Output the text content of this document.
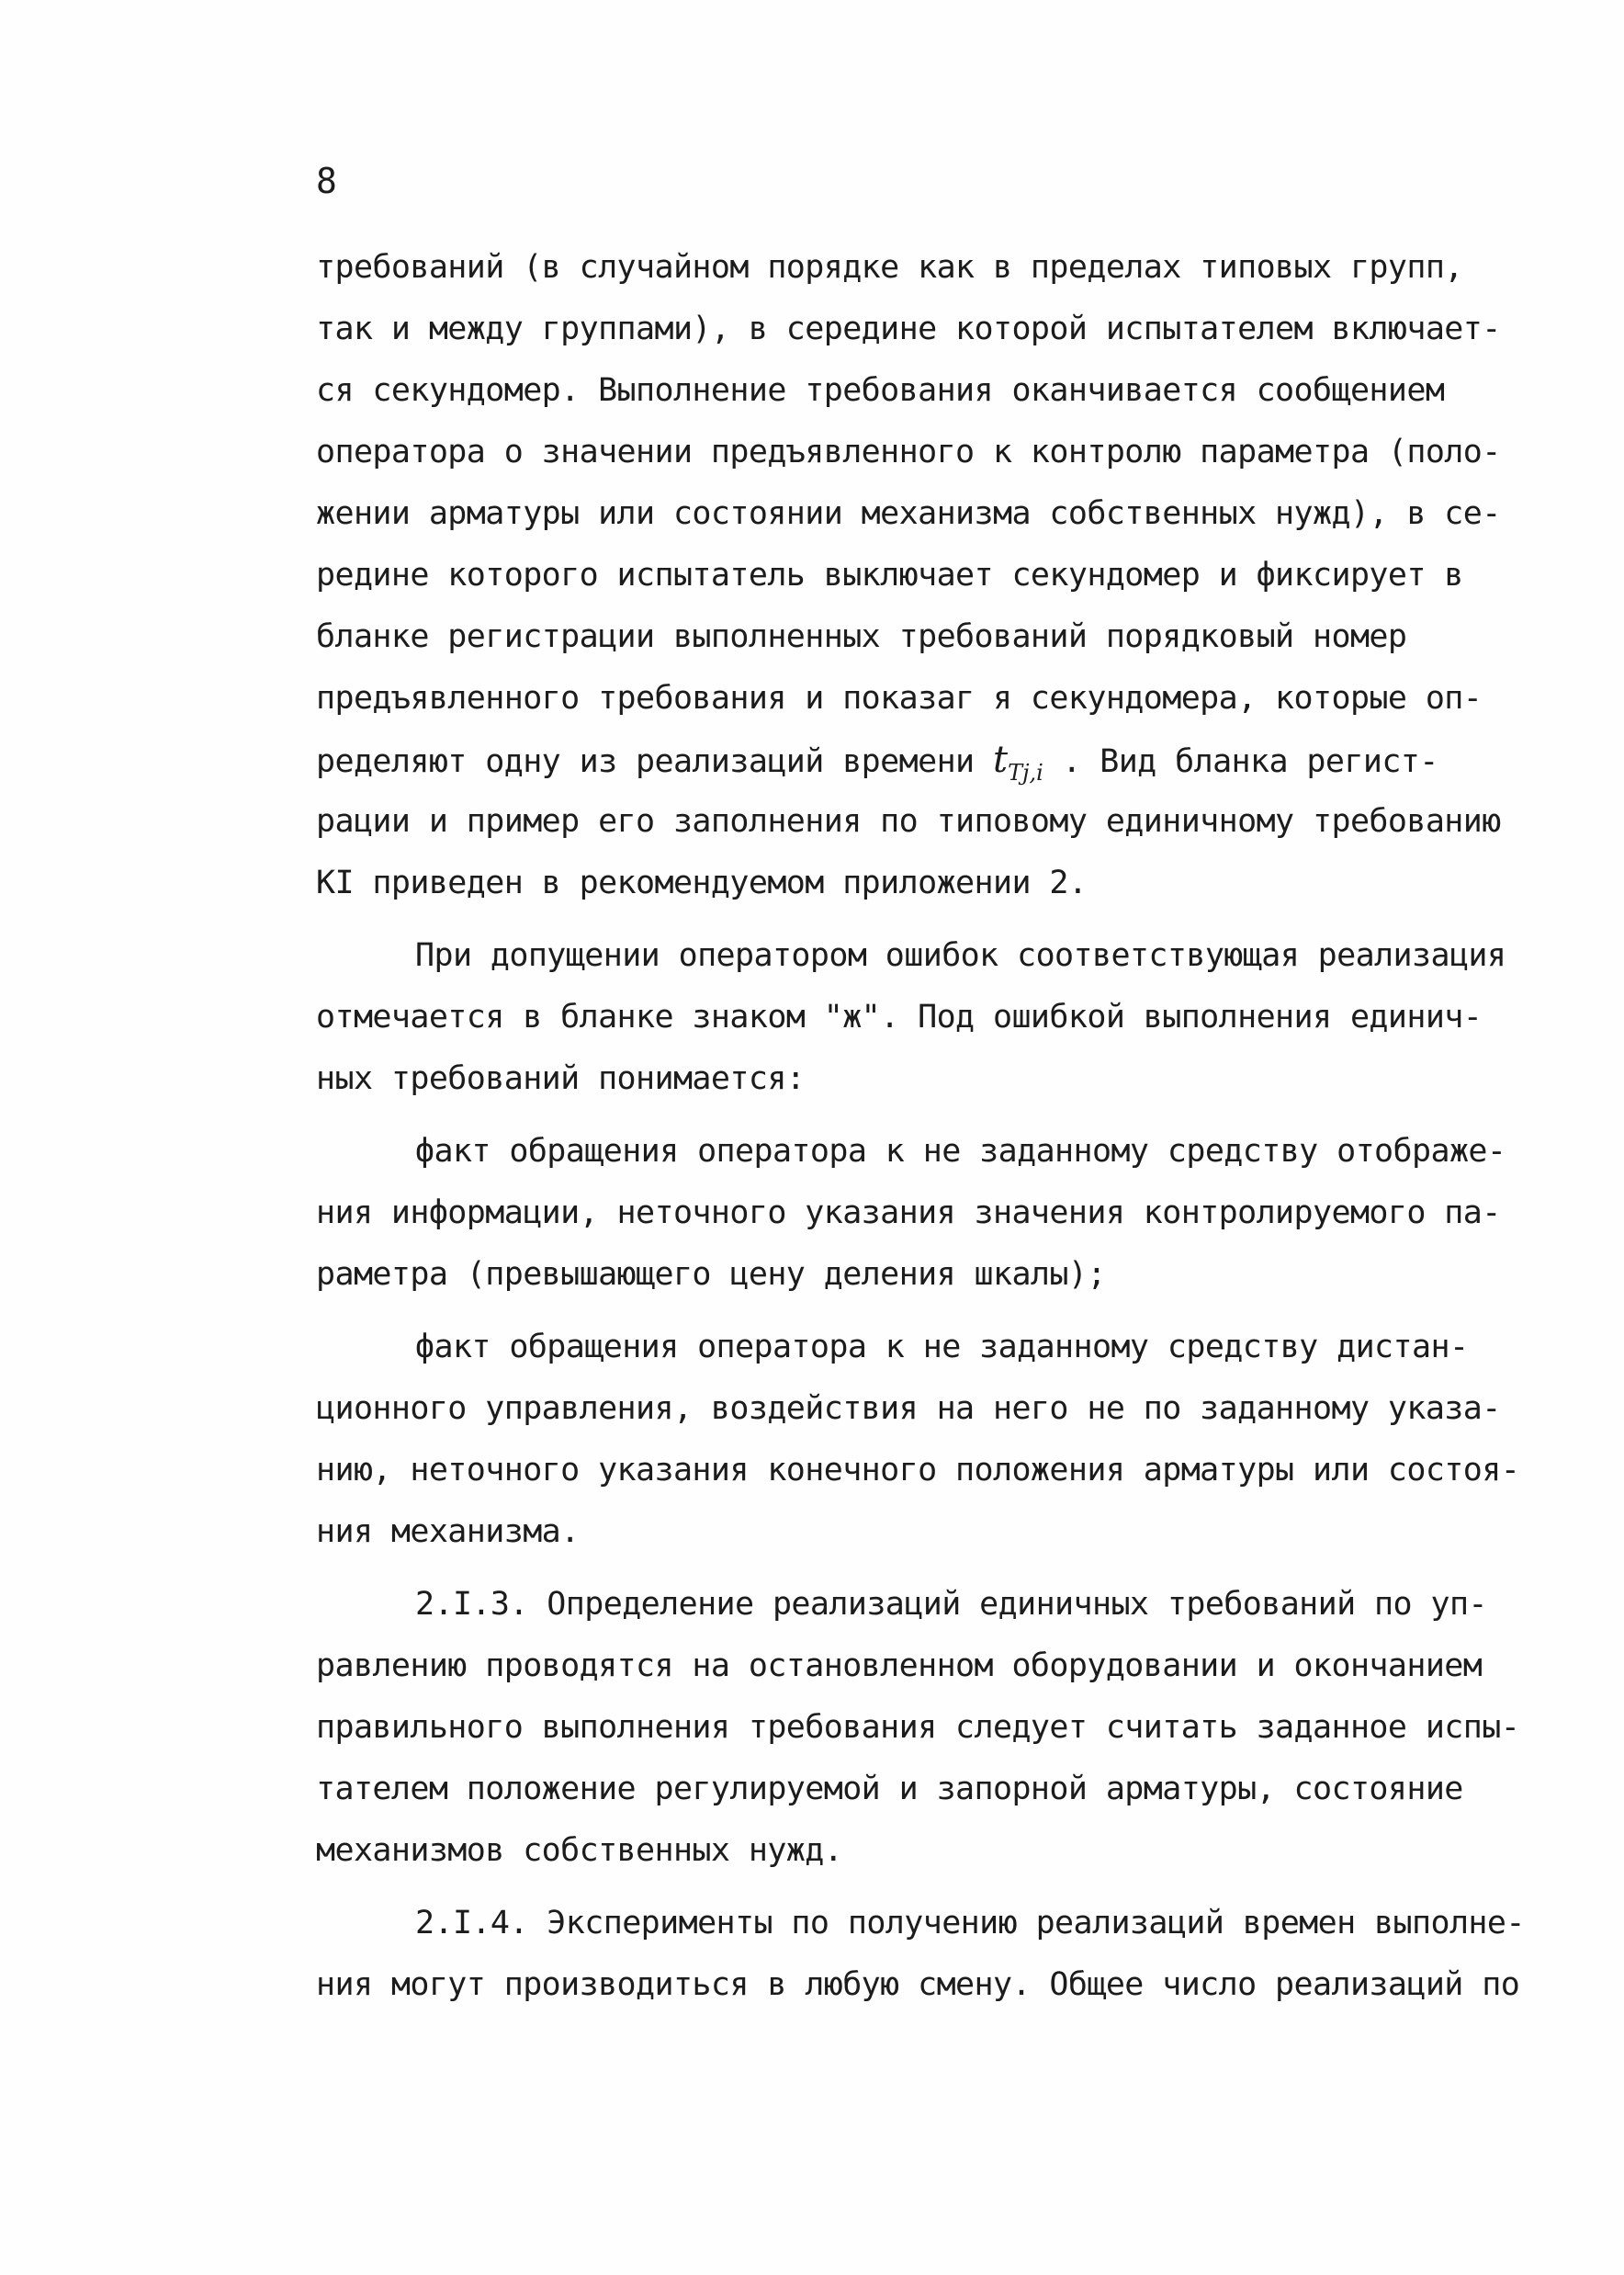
8
требований (в случайном порядке как в пределах типовых групп,
так и между группами), в середине которой испытателем включает-
ся секундомер. Выполнение требования оканчивается сообщением
оператора о значении предъявленного к контролю параметра (поло-
жении арматуры или состоянии механизма собственных нужд), в се-
редине которого испытатель выключает секундомер и фиксирует в
бланке регистрации выполненных требований порядковый номер
предъявленного требования и показаг я секундомера, которые оп-
ределяют одну из реализаций времени $t_{Тj,i}$ . Вид бланка регист-
рации и пример его заполнения по типовому единичному требованию
КI приведен в рекомендуемом приложении 2.
При допущении оператором ошибок соответствующая реализация
отмечается в бланке знаком "ж". Под ошибкой выполнения единич-
ных требований понимается:
факт обращения оператора к не заданному средству отображе-
ния информации, неточного указания значения контролируемого па-
раметра (превышающего цену деления шкалы);
факт обращения оператора к не заданному средству дистан-
ционного управления, воздействия на него не по заданному указа-
нию, неточного указания конечного положения арматуры или состоя-
ния механизма.
2.I.3. Определение реализаций единичных требований по уп-
равлению проводятся на остановленном оборудовании и окончанием
правильного выполнения требования следует считать заданное испы-
тателем положение регулируемой и запорной арматуры, состояние
механизмов собственных нужд.
2.I.4. Эксперименты по получению реализаций времен выполне-
ния могут производиться в любую смену. Общее число реализаций по
